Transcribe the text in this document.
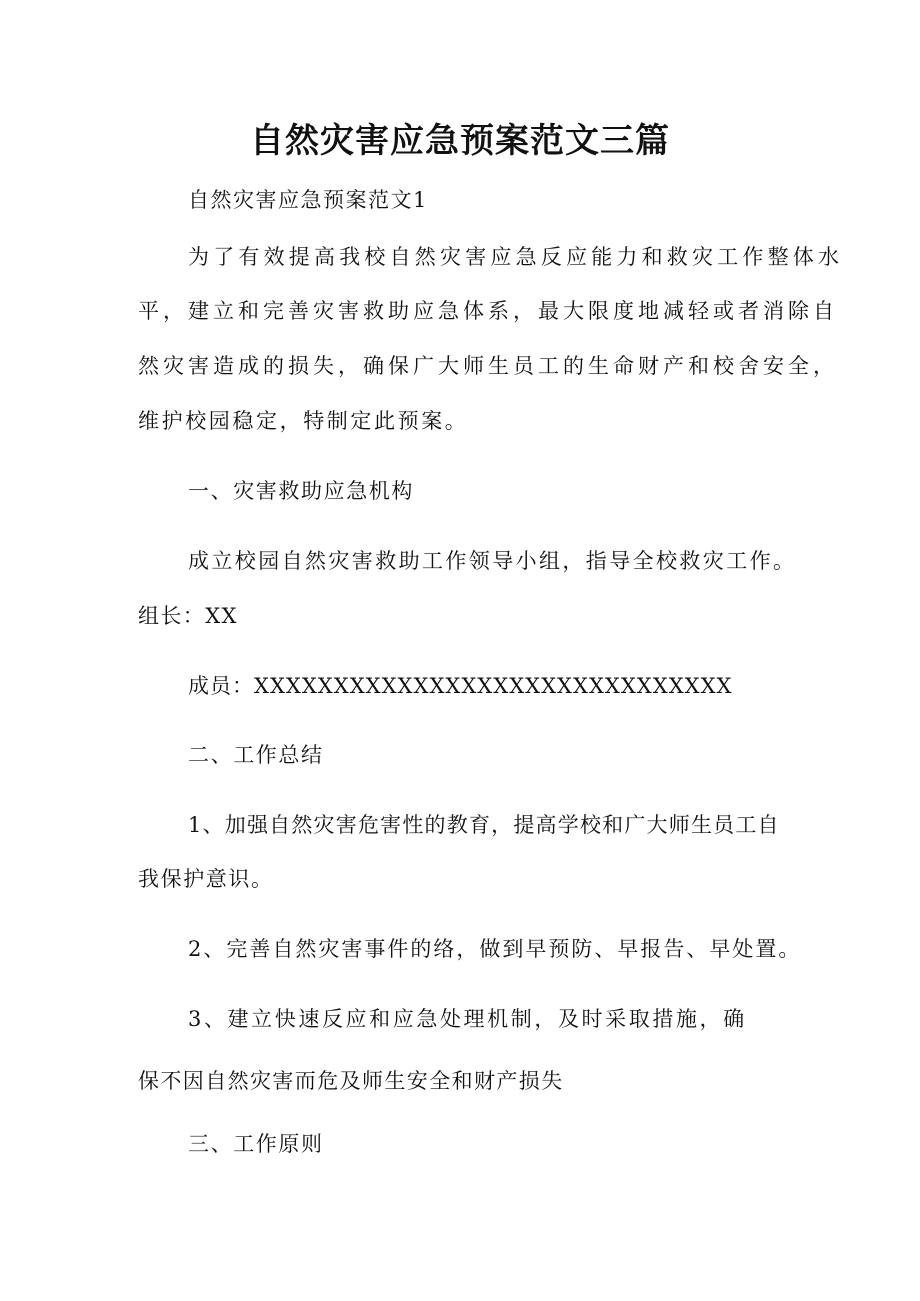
自然灾害应急预案范文三篇
自然灾害应急预案范文1
为了有效提高我校自然灾害应急反应能力和救灾工作整体水
平，建立和完善灾害救助应急体系，最大限度地减轻或者消除自
然灾害造成的损失，确保广大师生员工的生命财产和校舍安全，
维护校园稳定，特制定此预案。
一、灾害救助应急机构
成立校园自然灾害救助工作领导小组，指导全校救灾工作。
组长：XX
成员：XXXXXXXXXXXXXXXXXXXXXXXXXXXXXX
二、工作总结
1、加强自然灾害危害性的教育，提高学校和广大师生员工自
我保护意识。
2、完善自然灾害事件的络，做到早预防、早报告、早处置。
3、建立快速反应和应急处理机制，及时采取措施，确
保不因自然灾害而危及师生安全和财产损失
三、工作原则
